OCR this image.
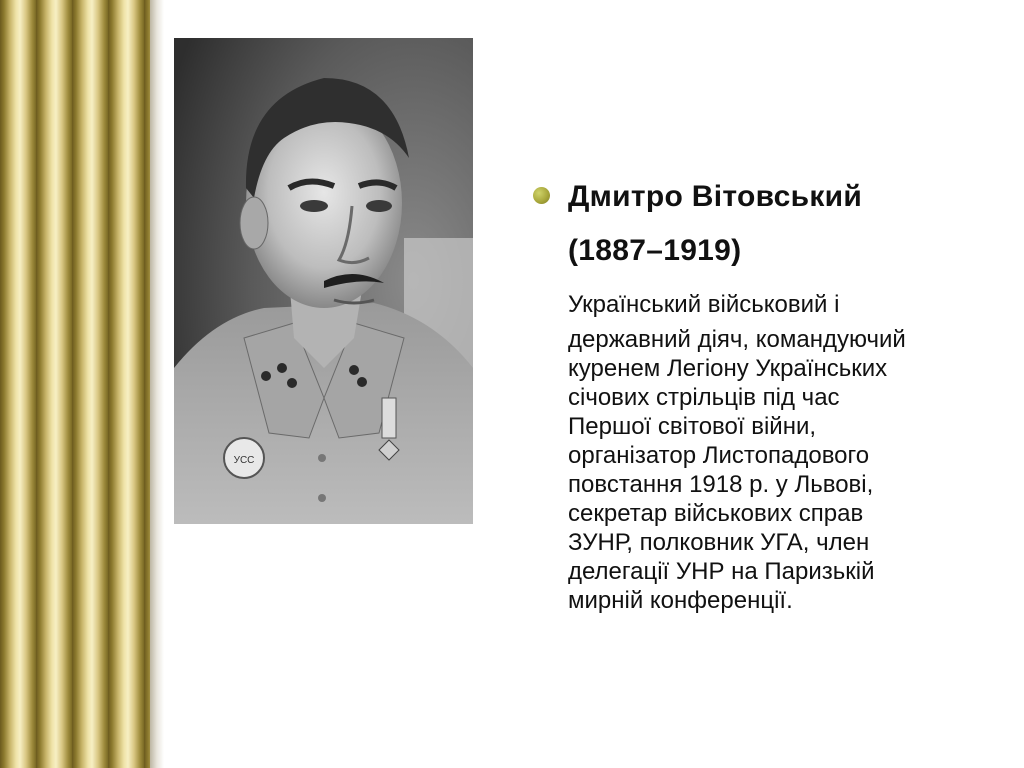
УСС
Дмитро Вітовський
(1887–1919)
Український військовий і
державний діяч, командуючий
куренем Легіону Українських
січових стрільців під час
Першої світової війни,
організатор Листопадового
повстання 1918 р. у Львові,
секретар військових справ
ЗУНР, полковник УГА, член
делегації УНР на Паризькій
мирній конференції.
